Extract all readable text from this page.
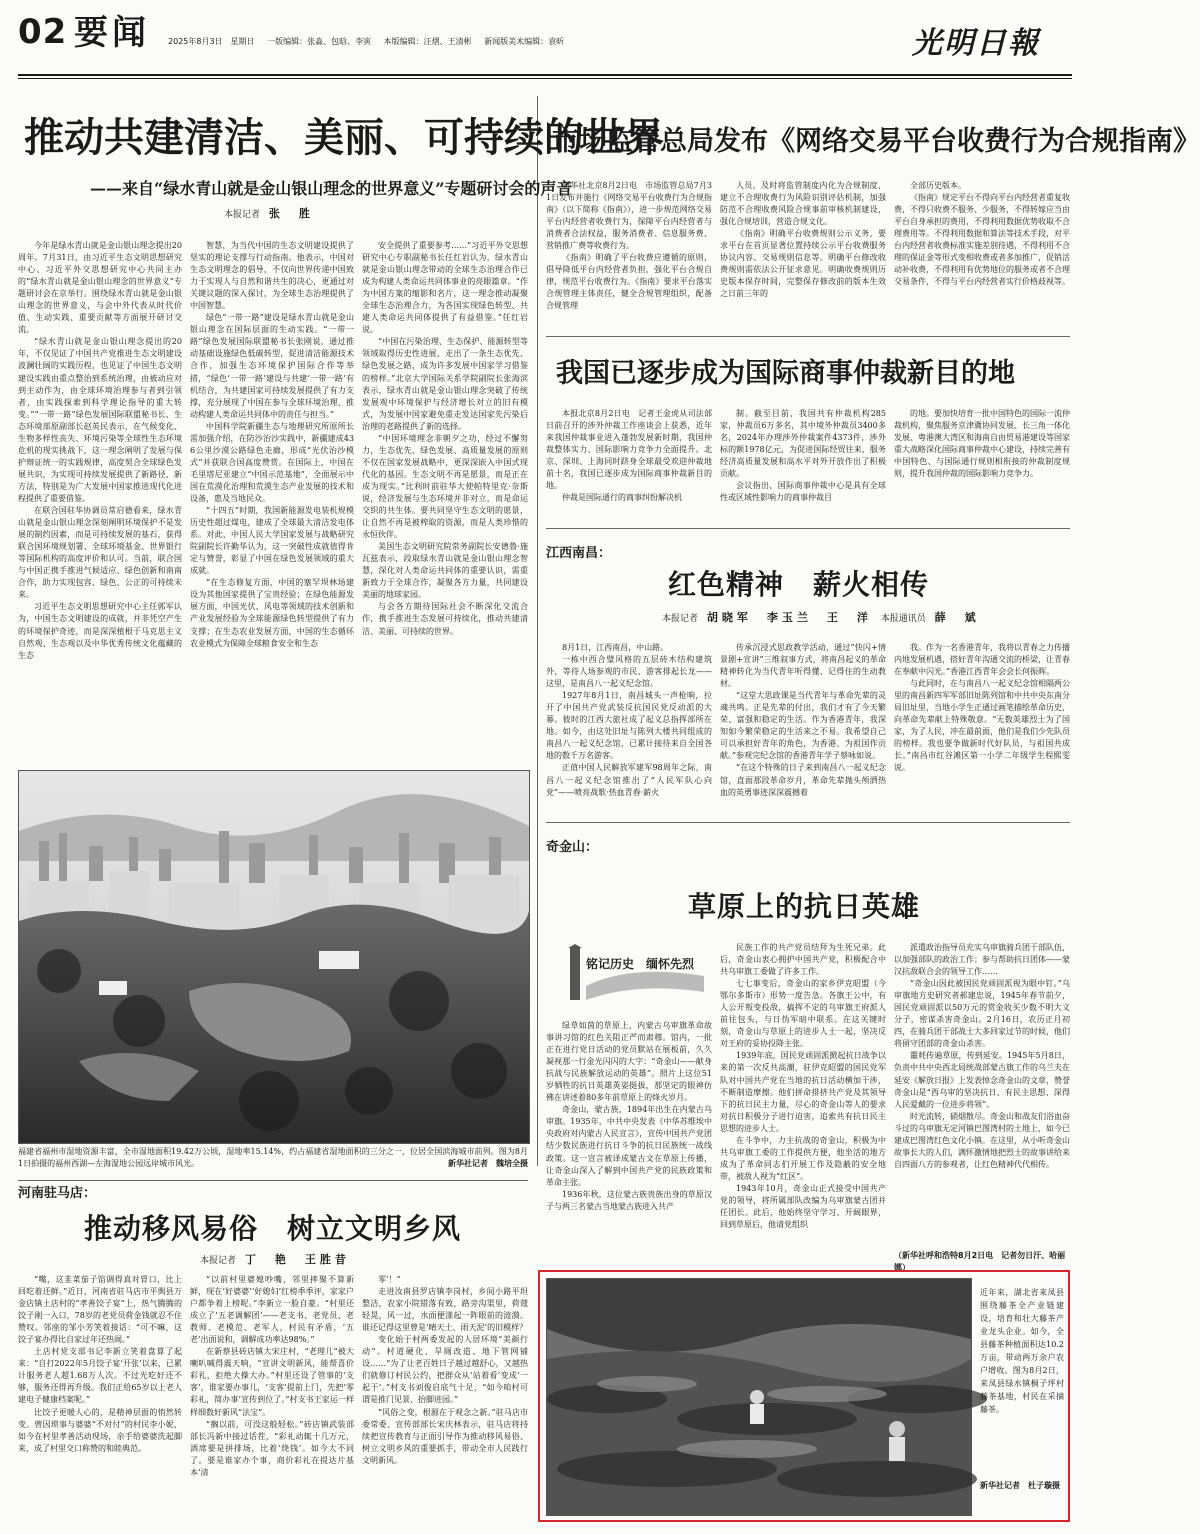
02 要闻 2025年8月3日　星期日 一版编辑：张淼、包晗、李寅 本版编辑：汪熠、王清彬 新闻版美术编辑：袁昕	光明日報
推动共建清洁、美丽、可持续的世界
——来自“绿水青山就是金山银山理念的世界意义”专题研讨会的声音
本报记者 张　胜

今年是绿水青山就是金山银山理念提出20周年。7月31日，由习近平生态文明思想研究中心、习近平外交思想研究中心共同主办的“绿水青山就是金山银山理念的世界意义”专题研讨会在京举行。围绕绿水青山就是金山银山理念的世界意义，与会中外代表从时代价值、生动实践、重要贡献等方面展开研讨交流。

“绿水青山就是金山银山理念提出的20年，不仅见证了中国共产党推进生态文明建设波澜壮阔的实践历程，也见证了中国生态文明建设实践由重点整治到系统治理，由被动应对到主动作为，由全球环境治理参与者到引领者，由实践探索到科学理论指导的重大转变。”“一带一路”绿色发展国际联盟秘书长、生态环境部原副部长赵英民表示，在气候变化、生物多样性丧失、环境污染等全球性生态环境危机的现实挑战下，这一理念阐明了发展与保护辩证统一的实践规律，高度契合全球绿色发展共识，为实现可持续发展提供了新路径、新方法，特别是为广大发展中国家推进现代化进程提供了重要借鉴。

在联合国驻华协调员常启德看来，绿水青山就是金山银山理念深刻阐明环境保护不是发展的制约因素，而是可持续发展的基石，获得联合国环境规划署、全球环境基金、世界银行等国际机构的高度评价和认可。当前，联合国与中国正携手推进气候适应、绿色创新和南南合作，助力实现包容、绿色、公正的可持续未来。

习近平生态文明思想研究中心主任郭军认为，中国生态文明建设的成就，并非凭空产生的环境保护奇迹，而是深深植根于马克思主义自然观、生态观以及中华优秀传统文化蕴藏的生态

智慧，为当代中国的生态文明建设提供了坚实的理论支撑与行动指南。他表示，中国对生态文明理念的倡导，不仅向世界传递中国致力于实现人与自然和谐共生的决心，更通过对关键议题的深入探讨，为全球生态治理提供了中国智慧。

绿色“一带一路”建设是绿水青山就是金山银山理念在国际层面的生动实践。“一带一路”绿色发展国际联盟秘书长张刚说，通过推动基础设施绿色低碳转型，促进清洁能源技术合作，加强生态环境保护国际合作等举措，“绿色‘一带一路’建设与共建‘一带一路’有机结合，为共建国家可持续发展提供了有力支撑，充分展现了中国在参与全球环境治理、推动构建人类命运共同体中的责任与担当。”

中国科学院新疆生态与地理研究所原所长雷加强介绍，在防沙治沙实践中，新疆建成436公里沙漠公路绿色走廊，形成“光伏治沙模式”并获联合国高度赞赏。在国际上，中国在毛里塔尼亚建立“中国示范基地”，全面展示中国在荒漠化治理和荒漠生态产业发展的技术和设备，惠及当地民众。

“十四五”时期，我国新能源发电装机规模历史性超过煤电，建成了全球最大清洁发电体系。对此，中国人民大学国家发展与战略研究院副院长许勤华认为，这一突破性成就值得肯定与赞誉，彰显了中国在绿色发展领域的重大成就。

“在生态修复方面，中国的塞罕坝林场建设为其他国家提供了宝贵经验；在绿色能源发展方面，中国光伏、风电等领域的技术创新和产业发展经验为全球能源绿色转型提供了有力支撑；在生态农业发展方面，中国的生态循环农业模式为保障全球粮食安全和生态

安全提供了重要参考……”习近平外交思想研究中心专职副秘书长任红岩认为，绿水青山就是金山银山理念带动的全球生态治理合作已成为构建人类命运共同体事业的亮眼篇章。“作为中国方案的缩影和名片，这一理念推动凝聚全球生态治理合力，为各国实现绿色转型、共建人类命运共同体提供了有益借鉴。”任红岩说。

“中国在污染治理、生态保护、能源转型等领域取得历史性进展，走出了一条生态优先、绿色发展之路，成为许多发展中国家学习借鉴的榜样。”北京大学国际关系学院副院长张海滨表示，绿水青山就是金山银山理念突破了传统发展观中环境保护与经济增长对立的旧有模式，为发展中国家避免重走发达国家先污染后治理的老路提供了新的选择。

“中国环境理念非朝夕之功，经过不懈努力，生态优先、绿色发展、高质量发展的原则不仅在国家发展战略中，更深深嵌入中国式现代化的基因。生态文明不再是愿景，而是正在成为现实。”比利时前驻华大使帕特里克·奈斯说，经济发展与生态环境并非对立，而是命运交织的共生体。要共同坚守生态文明的愿景，让自然不再是被榨取的资源，而是人类珍惜的永恒伙伴。

美国生态文明研究院常务副院长安德鲁·施瓦兹表示，段取绿水青山就是金山银山理念智慧，深化对人类命运共同体的重要认识，需重新致力于全球合作，凝聚各方力量，共同建设美丽的地球家园。

与会各方期待国际社会不断深化交流合作，携手推进生态发展可持续化，推动共建清洁、美丽、可持续的世界。

福建省福州市湿地资源丰富，全市湿地面积19.42万公顷，湿地率15.14%，约占福建省湿地面积的三分之一，位居全国滨海城市前列。图为8月1日拍摄的福州西湖—左海湿地公园远岸城市风光。	新华社记者　魏培全摄
市场监管总局发布《网络交易平台收费行为合规指南》

新华社北京8月2日电　市场监管总局7月31日发布并施行《网络交易平台收费行为合规指南》（以下简称《指南》），进一步规范网络交易平台内经营者收费行为，保障平台内经营者与消费者合法权益，服务消费者、信息服务费、营销推广费等收费行为。

《指南》明确了平台收费应遵循的原则，倡导降低平台内经营者负担，强化平台合规自律，规范平台收费行为。《指南》要求平台落实合规管理主体责任，健全合规管理组织，配备合规管理

人员，及时将监管制度内化为合规制度，建立不合理收费行为风险识别评估机制，加强防范不合理收费风险合规事前审核机制建设，强化合规培训，营造合规文化。

《指南》明确平台收费规则公示义务，要求平台在首页显著位置持续公示平台收费服务协议内容、交易规则信息等。明确平台修改收费规则需依法公开征求意见。明确收费规则历史版本保存时间，完整保存修改前的版本生效之日前三年的

全部历史版本。

《指南》规定平台不得向平台内经营者重复收费，不得只收费不服务、少服务，不得转嫁应当由平台自身承担的费用，不得利用数据优势收取不合理费用等。不得利用数据和算法等技术手段，对平台内经营者收费标准实施差别待遇，不得利用不合理的保证金等形式变相收费或者多加推广，促销活动补收费，不得利用有优势地位的服务或者不合理交易条件，不得与平台内经营者实行价格歧视等。

我国已逐步成为国际商事仲裁新目的地

本报北京8月2日电　记者王金虎从司法部日前召开的涉外仲裁工作座谈会上获悉，近年来我国仲裁事业进入蓬勃发展新时期，我国仲裁整体实力、国际影响力竞争力全面提升。北京、深圳、上海同时跻身全球最受欢迎仲裁地前十名，我国已逐步成为国际商事仲裁新目的地。

仲裁是国际通行的商事纠纷解决机

制。截至目前，我国共有仲裁机构285家，仲裁员6万多名，其中境外仲裁员3400多名，2024年办理涉外仲裁案件4373件，涉外标的额1978亿元，为促进国际经贸往来，服务经济高质量发展和高水平对外开放作出了积极贡献。

会议指出，国际商事仲裁中心是具有全球性或区域性影响力的商事仲裁目

的地。要加快培育一批中国特色的国际一流仲裁机构，聚焦服务京津冀协同发展、长三角一体化发展、粤港澳大湾区和海南自由贸易港建设等国家重大战略深化国际商事仲裁中心建设，持续完善有中国特色、与国际通行规则相衔接的仲裁制度规则，提升我国仲裁的国际影响力竞争力。

江西南昌：
红色精神　薪火相传
本报记者 胡晓军　李玉兰　王　洋 本报通讯员 薛　斌

8月1日，江西南昌，中山路。

一栋中西合璧风格的五层砖木结构建筑外，等待人场参观的市民、游客排起长龙——这里，是南昌八一起义纪念馆。

1927年8月1日，南昌城头一声枪响，拉开了中国共产党武装反抗国民党反动派的大幕。彼时的江西大旅社成了起义总指挥部所在地。如今，由这处旧址与陈列大楼共同组成的南昌八一起义纪念馆，已累计接待来自全国各地的数千万名游客。

正值中国人民解放军建军98周年之际，南昌八一起义纪念馆推出了“人民军队心向党”——喷亮战歌·热血青春·薪火

传承沉浸式思政教学活动，通过“快闪+情景剧+宣讲”三维叙事方式，将南昌起义的革命精神转化为当代青年听得懂、记得住的生动教材。

“这堂大思政课是当代青年与革命先辈的灵魂共鸣。正是先辈的付出，我们才有了今天繁荣、富强和稳定的生活。作为香港青年，我深知如今繁荣稳定的生活来之不易。我希望自己可以承担好青年的角色，为香港、为祖国作贡献。”参观完纪念馆的香港青年学子蔡咏如说。

“在这个特殊的日子来到南昌八一起义纪念馆，直面那段革命岁月，革命先辈抛头颅洒热血的英勇事迹深深震撼着

我。作为一名香港青年，我将以青春之力传播内地发展机遇，搭好青年沟通交流的桥梁，让青春在奉献中闪光。”香港江西青年会会长何振晖。

与此同时，在与南昌八一起义纪念馆相隔两公里的南昌新四军军部旧址陈列馆和中共中央东南分局旧址里，当地小学生正通过画笔描绘革命历史，向革命先辈献上特殊敬意。“无数英雄烈士为了国家，为了人民，冲在最前面，他们是我们少先队员的榜样。我也要争做新时代好队员，与祖国共成长。”南昌市红谷滩区第一小学二年级学生程熙雯说。

奇金山：
草原上的抗日英雄
铭记历史　缅怀先烈

绿草如茵的草原上，内蒙古乌审旗革命故事讲习馆的红色关阻正严而肃穆。馆内，一批正在进行党日活动的党员默站在展板前，久久凝视那一行金光闪闪的大字：“奇金山——献身抗战与民族解放运动的英雄”。照片上这位51岁牺牲的抗日英雄英姿挺拔，那坚定的眼神仿佛在讲述着80多年前草原上的烽火岁月。

奇金山，蒙古族，1894年出生在内蒙古乌审旗。1935年，中共中央发表《中华苏维埃中央政府对内蒙古人民宣言》，宣传中国共产党团结少数民族进行抗日斗争的抗日民族统一战线政策。这一宣言被译成蒙古文在草原上传播，让奇金山深入了解到中国共产党的民族政策和革命主张。

1936年秋，这位蒙古族贵族出身的草原汉子与两三名蒙古当地蒙古族进入共产

民族工作的共产党员结拜为生死兄弟。此后，奇金山衷心拥护中国共产党，积极配合中共乌审旗工委做了许多工作。

七七事变后，奇金山的家乡伊克昭盟（今鄂尔多斯市）形势一度告急。各旗王公中，有人公开叛变投敌，搞挥不定的乌审旗王府派人前往包头，与日伪军暗中联系。在这关键时刻，奇金山与草原上的进步人士一起，坚决反对王府的妥协投降主张。

1939年底，国民党顽固派掀起抗日战争以来的第一次反共高潮，驻伊克昭盟的国民党军队对中国共产党在当地的抗日活动横加干涉，不断制造摩擦。他们拼命排挤共产党及其领导下的抗日民主力量，尽心的奇金山等人的要求对抗日积极分子进行迫害，追索共有抗日民主思想的进步人士。

在斗争中，力主抗战的奇金山，积极为中共乌审旗工委的工作提供方便，他坐活的地方成为了革命同志们开展工作及隐蔽的安全地带，被敌人视为“红区”。

1943年10月，奇金山正式接受中国共产党的领导，将所属部队改编为乌审旗蒙古团并任团长。此后，他始终坚守学习、开阔眼界，回到草原后，他请党组织

派遣政治指导员充实乌审旗骑兵团干部队伍，以加强部队的政治工作；参与帮助抗日团体——蒙汉抗敌联合会的领导工作……

“奇金山因此被国民党顽固派视为眼中钉。”乌审旗地方史研究者郝建忠说，1945年春节前夕，国民党顽固派以50万元的赏金收买少数不明大义分子，密谋杀害奇金山。2月16日，农历正月初四，在骑兵团干部战士大多回家过节的时候，他们将留守团部的奇金山杀害。

噩耗传遍草原，传到延安。1945年5月8日，负责中共中央西北局统战部蒙古旗工作的乌兰夫在延安《解放日报》上发表悼念奇金山的文章，赞誉奇金山是“西乌审的坚决抗日、有民主思想、深得人民爱戴的一位进步将领”。

时光流转，硝烟散尽。奇金山和战友们浴血奋斗过的乌审旗无定河镇巴图湾村的土地上，如今已建成巴图湾红色文化小镇。在这里，从小听奇金山故事长大的人们，满怀激情地把烈士的故事讲给来自四面八方的参观者，让红色精神代代相传。

（新华社呼和浩特8月2日电　记者勿日汗、哈丽娜）
河南驻马店：
推动移风易俗　树立文明乡风
本报记者 丁　艳　王胜昔

“嘴，这韭菜茄子馅调得真对胃口，比上回吃着还鲜。”近日，河南省驻马店市平舆县万金店镇土店村的“孝善饺子宴”上，热气腾腾的饺子刚一入口，78岁的老党员荷金钱就忍不住赞叹。邻座的邹小芳笑着接话：“可不嘛，这饺子宴办得比自家过年还热闹。”

土店村党支部书记李新立笑着盘算了起来：“自打2022年5月饺子宴‘开张’以来，已累计服务老人超1.68万人次。不过光吃好还不够，服务还得再升级。我们正给65岁以上老人建电子健康档案呢。”

比饺子更暖人心的，是精神层面的悄然转变。曾因琐事与婆婆“不对付”的村民李小妮，如今在村里孝善活动现场，亲手给婆婆洗起脚来，成了村里交口称赞的和睦典范。

“以前村里婆媳吵嘴，邻里摔聚不算新鲜，现在‘好婆婆’‘好媳妇’红榜季季评，家家户户都争着上榜呢。”李新立一脸自豪。“村里还成立了‘五老调解团’——老支书、老党员、老教师、老模范、老军人，村民有矛盾，‘五老’出面说和，调解成功率达98%。”

在新蔡县砖店镇大宋庄村，“老理儿”被大喇叭喊得震天响，“宣讲文明新风，能帮喜价彩礼，拒绝大操大办。”村里还设了管事的‘支客’，谁家要办事儿，‘支客’提前上门，先把‘零彩礼，简办事’宣传到位了。”村支书王家运一样样细数好新风“法宝”。

“搁以前，可没这般轻松。”砖店镇武装部部长冯新中接过话茬，“彩礼动辄十几万元，酒席要是拼排场，比着‘烧钱’。如今大不同了。要是谁家办个事，商价彩礼在提达片基本‘清

零’！”

走进汝南县罗店镇李岗村，乡间小路平坦整洁，农家小院错落有致，路旁沟渠里，荷蔻轻晃，风一过，水面便漾起一阵眼前的涟漪。谁还记得这里曾是‘晴天土、雨天泥’的旧模样？

变化始于村两委发起的人居环境“美颜行动”。村道硬化、旱厕改造、地下管网铺设……“为了让老百姓日子越过越舒心，又越热们就修订村民公约，把群众从‘站着看’变成‘一起干’。”村支书刘俊启底气十足，“如今咱村可谓是推门见景、抬脚进园。”

“风俗之变，根源在于观念之新。”驻马店市委常委、宣传部部长宋庆林表示，驻马店将持续把宣传教育与正面引导作为推动移风易俗、树立文明乡风的重要抓手，带动全市人民践行文明新风。

近年来，湖北省来凤县围绕藤茶全产业链建设，培育和壮大藤茶产业龙头企业。如今，全县藤茶种植面积达10.2万亩，带动两万余户农户增收。图为8月2日，来凤县绿水镇桐子坪村藤茶基地，村民在采摘藤茶。
新华社记者　杜子璇摄
